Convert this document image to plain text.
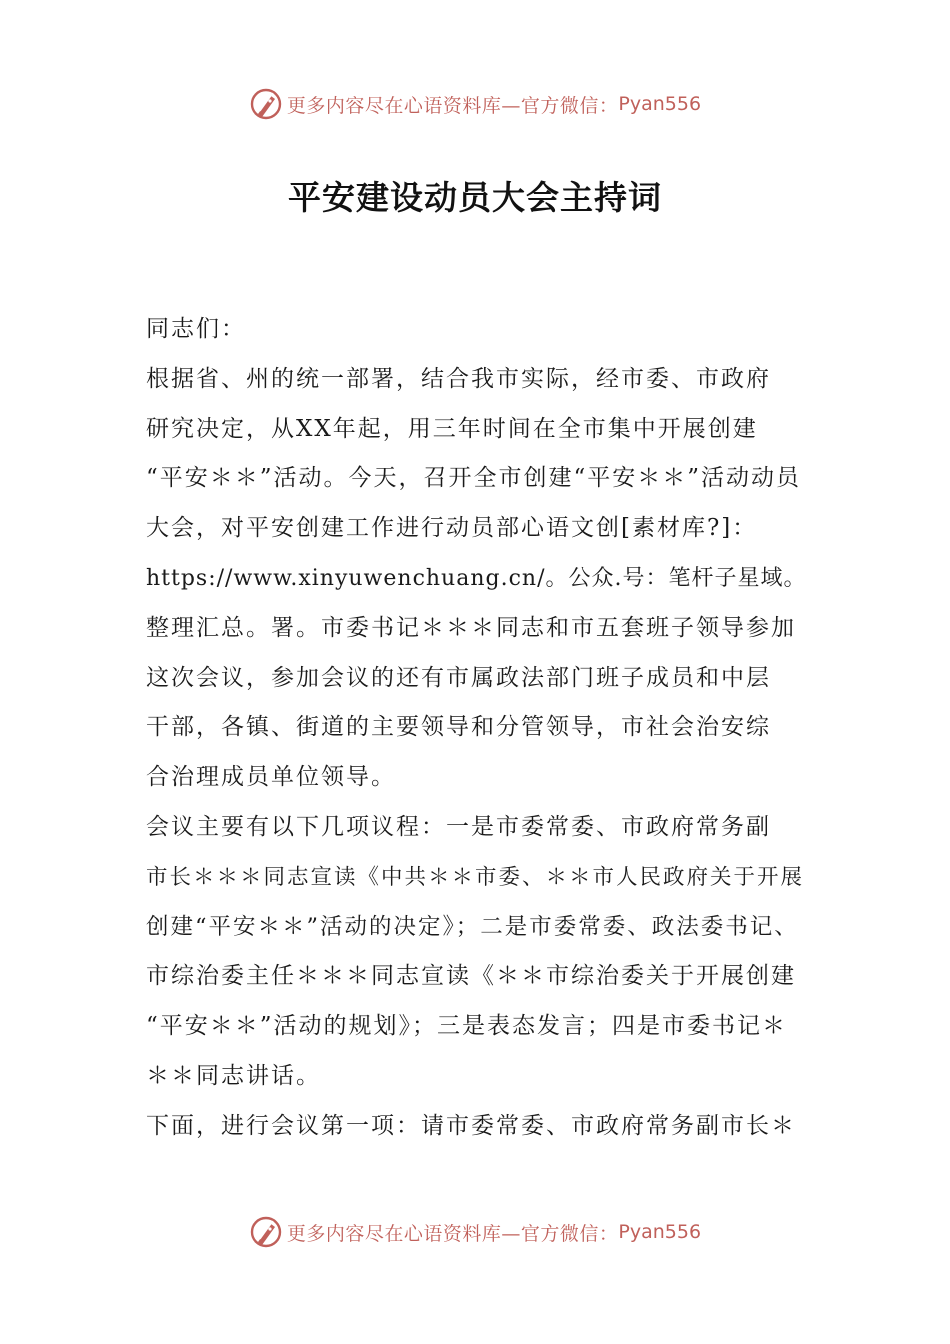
更多内容尽在心语资料库—官方微信： Pyan556
平安建设动员大会主持词
同志们：
根据省、州的统一部署，结合我市实际，经市委、市政府
研究决定，从XX年起，用三年时间在全市集中开展创建
“平安＊＊”活动。今天，召开全市创建“平安＊＊”活动动员
大会，对平安创建工作进行动员部心语文创[素材库?]：
https://www.xinyuwenchuang.cn/。公众.号：笔杆子星域。
整理汇总。署。市委书记＊＊＊同志和市五套班子领导参加
这次会议，参加会议的还有市属政法部门班子成员和中层
干部，各镇、街道的主要领导和分管领导，市社会治安综
合治理成员单位领导。
会议主要有以下几项议程：一是市委常委、市政府常务副
市长＊＊＊同志宣读《中共＊＊市委、＊＊市人民政府关于开展
创建“平安＊＊”活动的决定》；二是市委常委、政法委书记、
市综治委主任＊＊＊同志宣读《＊＊市综治委关于开展创建
“平安＊＊”活动的规划》；三是表态发言；四是市委书记＊
＊＊同志讲话。
下面，进行会议第一项：请市委常委、市政府常务副市长＊
更多内容尽在心语资料库—官方微信： Pyan556
